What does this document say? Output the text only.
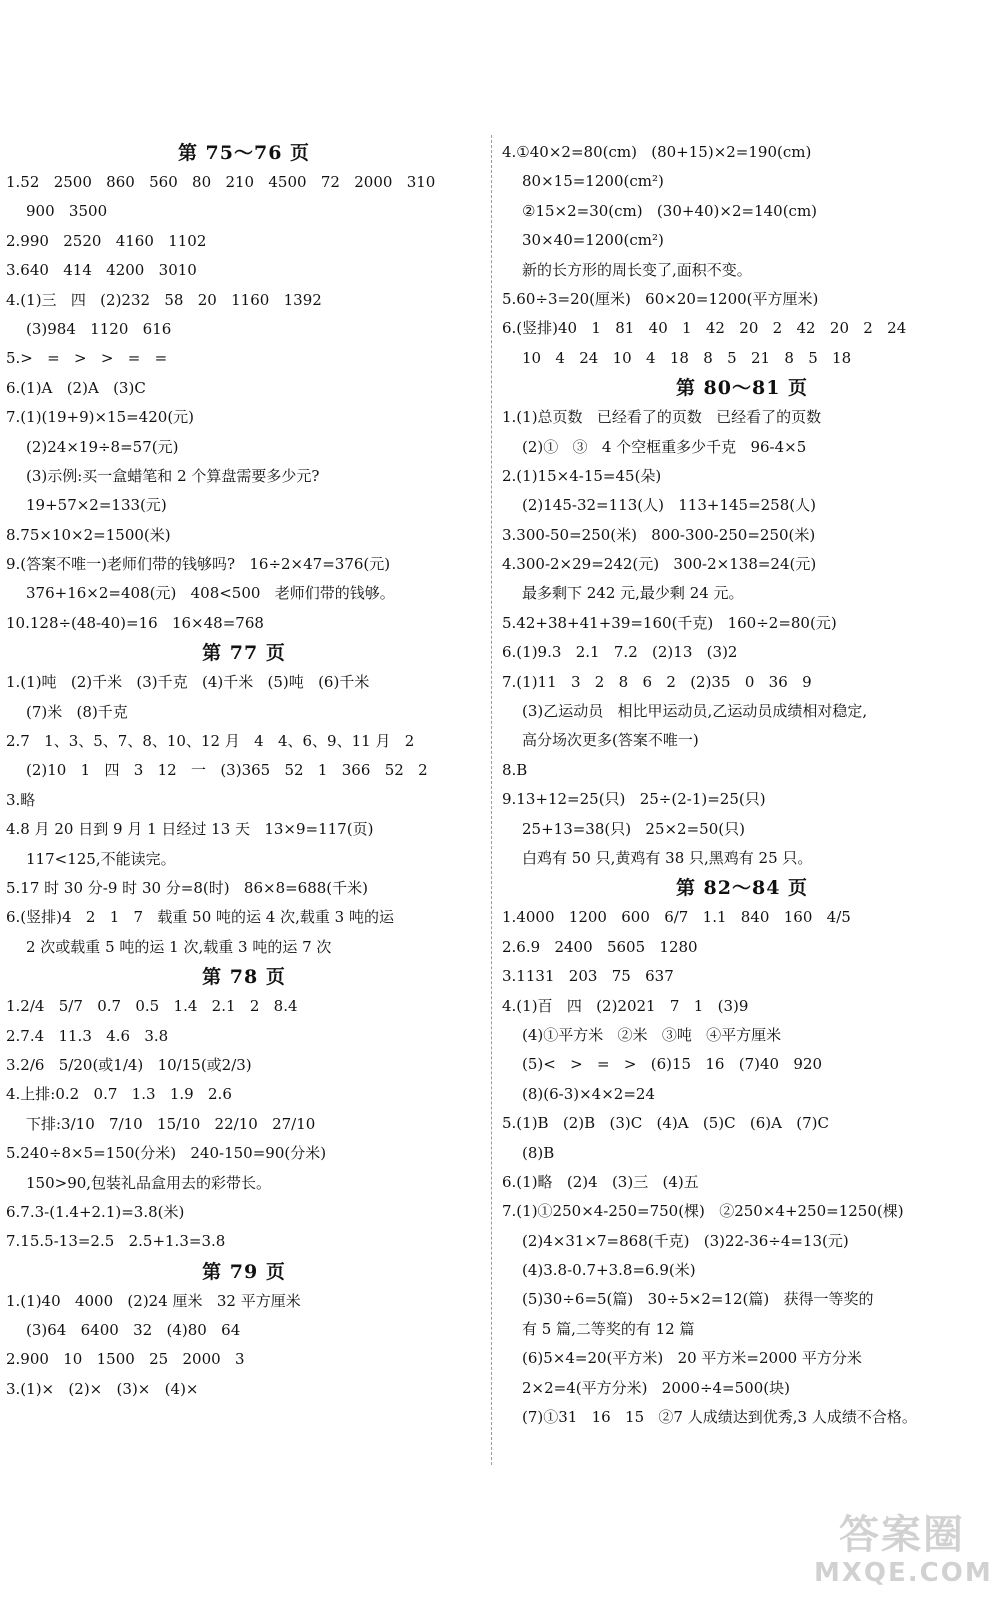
第 75～76 页
1.52   2500   860   560   80   210   4500   72   2000   310
900   3500
2.990   2520   4160   1102
3.640   414   4200   3010
4.(1)三   四   (2)232   58   20   1160   1392
(3)984   1120   616
5.>   =   >   >   =   =
6.(1)A   (2)A   (3)C
7.(1)(19+9)×15=420(元)
(2)24×19÷8=57(元)
(3)示例:买一盒蜡笔和 2 个算盘需要多少元?
19+57×2=133(元)
8.75×10×2=1500(米)
9.(答案不唯一)老师们带的钱够吗?   16÷2×47=376(元)
376+16×2=408(元)   408<500   老师们带的钱够。
10.128÷(48-40)=16   16×48=768
第 77 页
1.(1)吨   (2)千米   (3)千克   (4)千米   (5)吨   (6)千米
(7)米   (8)千克
2.7   1、3、5、7、8、10、12 月   4   4、6、9、11 月   2
(2)10   1   四   3   12   一   (3)365   52   1   366   52   2
3.略
4.8 月 20 日到 9 月 1 日经过 13 天   13×9=117(页)
117<125,不能读完。
5.17 时 30 分-9 时 30 分=8(时)   86×8=688(千米)
6.(竖排)4   2   1   7   载重 50 吨的运 4 次,载重 3 吨的运
2 次或载重 5 吨的运 1 次,载重 3 吨的运 7 次
第 78 页
1.2/4   5/7   0.7   0.5   1.4   2.1   2   8.4
2.7.4   11.3   4.6   3.8
3.2/6   5/20(或1/4)   10/15(或2/3)
4.上排:0.2   0.7   1.3   1.9   2.6
下排:3/10   7/10   15/10   22/10   27/10
5.240÷8×5=150(分米)   240-150=90(分米)
150>90,包装礼品盒用去的彩带长。
6.7.3-(1.4+2.1)=3.8(米)
7.15.5-13=2.5   2.5+1.3=3.8
第 79 页
1.(1)40   4000   (2)24 厘米   32 平方厘米
(3)64   6400   32   (4)80   64
2.900   10   1500   25   2000   3
3.(1)×   (2)×   (3)×   (4)×
4.①40×2=80(cm)   (80+15)×2=190(cm)
80×15=1200(cm²)
②15×2=30(cm)   (30+40)×2=140(cm)
30×40=1200(cm²)
新的长方形的周长变了,面积不变。
5.60÷3=20(厘米)   60×20=1200(平方厘米)
6.(竖排)40   1   81   40   1   42   20   2   42   20   2   24
10   4   24   10   4   18   8   5   21   8   5   18
第 80～81 页
1.(1)总页数   已经看了的页数   已经看了的页数
(2)①   ③   4 个空框重多少千克   96-4×5
2.(1)15×4-15=45(朵)
(2)145-32=113(人)   113+145=258(人)
3.300-50=250(米)   800-300-250=250(米)
4.300-2×29=242(元)   300-2×138=24(元)
最多剩下 242 元,最少剩 24 元。
5.42+38+41+39=160(千克)   160÷2=80(元)
6.(1)9.3   2.1   7.2   (2)13   (3)2
7.(1)11   3   2   8   6   2   (2)35   0   36   9
(3)乙运动员   相比甲运动员,乙运动员成绩相对稳定,
高分场次更多(答案不唯一)
8.B
9.13+12=25(只)   25÷(2-1)=25(只)
25+13=38(只)   25×2=50(只)
白鸡有 50 只,黄鸡有 38 只,黑鸡有 25 只。
第 82～84 页
1.4000   1200   600   6/7   1.1   840   160   4/5
2.6.9   2400   5605   1280
3.1131   203   75   637
4.(1)百   四   (2)2021   7   1   (3)9
(4)①平方米   ②米   ③吨   ④平方厘米
(5)<   >   =   >   (6)15   16   (7)40   920
(8)(6-3)×4×2=24
5.(1)B   (2)B   (3)C   (4)A   (5)C   (6)A   (7)C
(8)B
6.(1)略   (2)4   (3)三   (4)五
7.(1)①250×4-250=750(棵)   ②250×4+250=1250(棵)
(2)4×31×7=868(千克)   (3)22-36÷4=13(元)
(4)3.8-0.7+3.8=6.9(米)
(5)30÷6=5(篇)   30÷5×2=12(篇)   获得一等奖的
有 5 篇,二等奖的有 12 篇
(6)5×4=20(平方米)   20 平方米=2000 平方分米
2×2=4(平方分米)   2000÷4=500(块)
(7)①31   16   15   ②7 人成绩达到优秀,3 人成绩不合格。
答案圈
MXQE.COM
